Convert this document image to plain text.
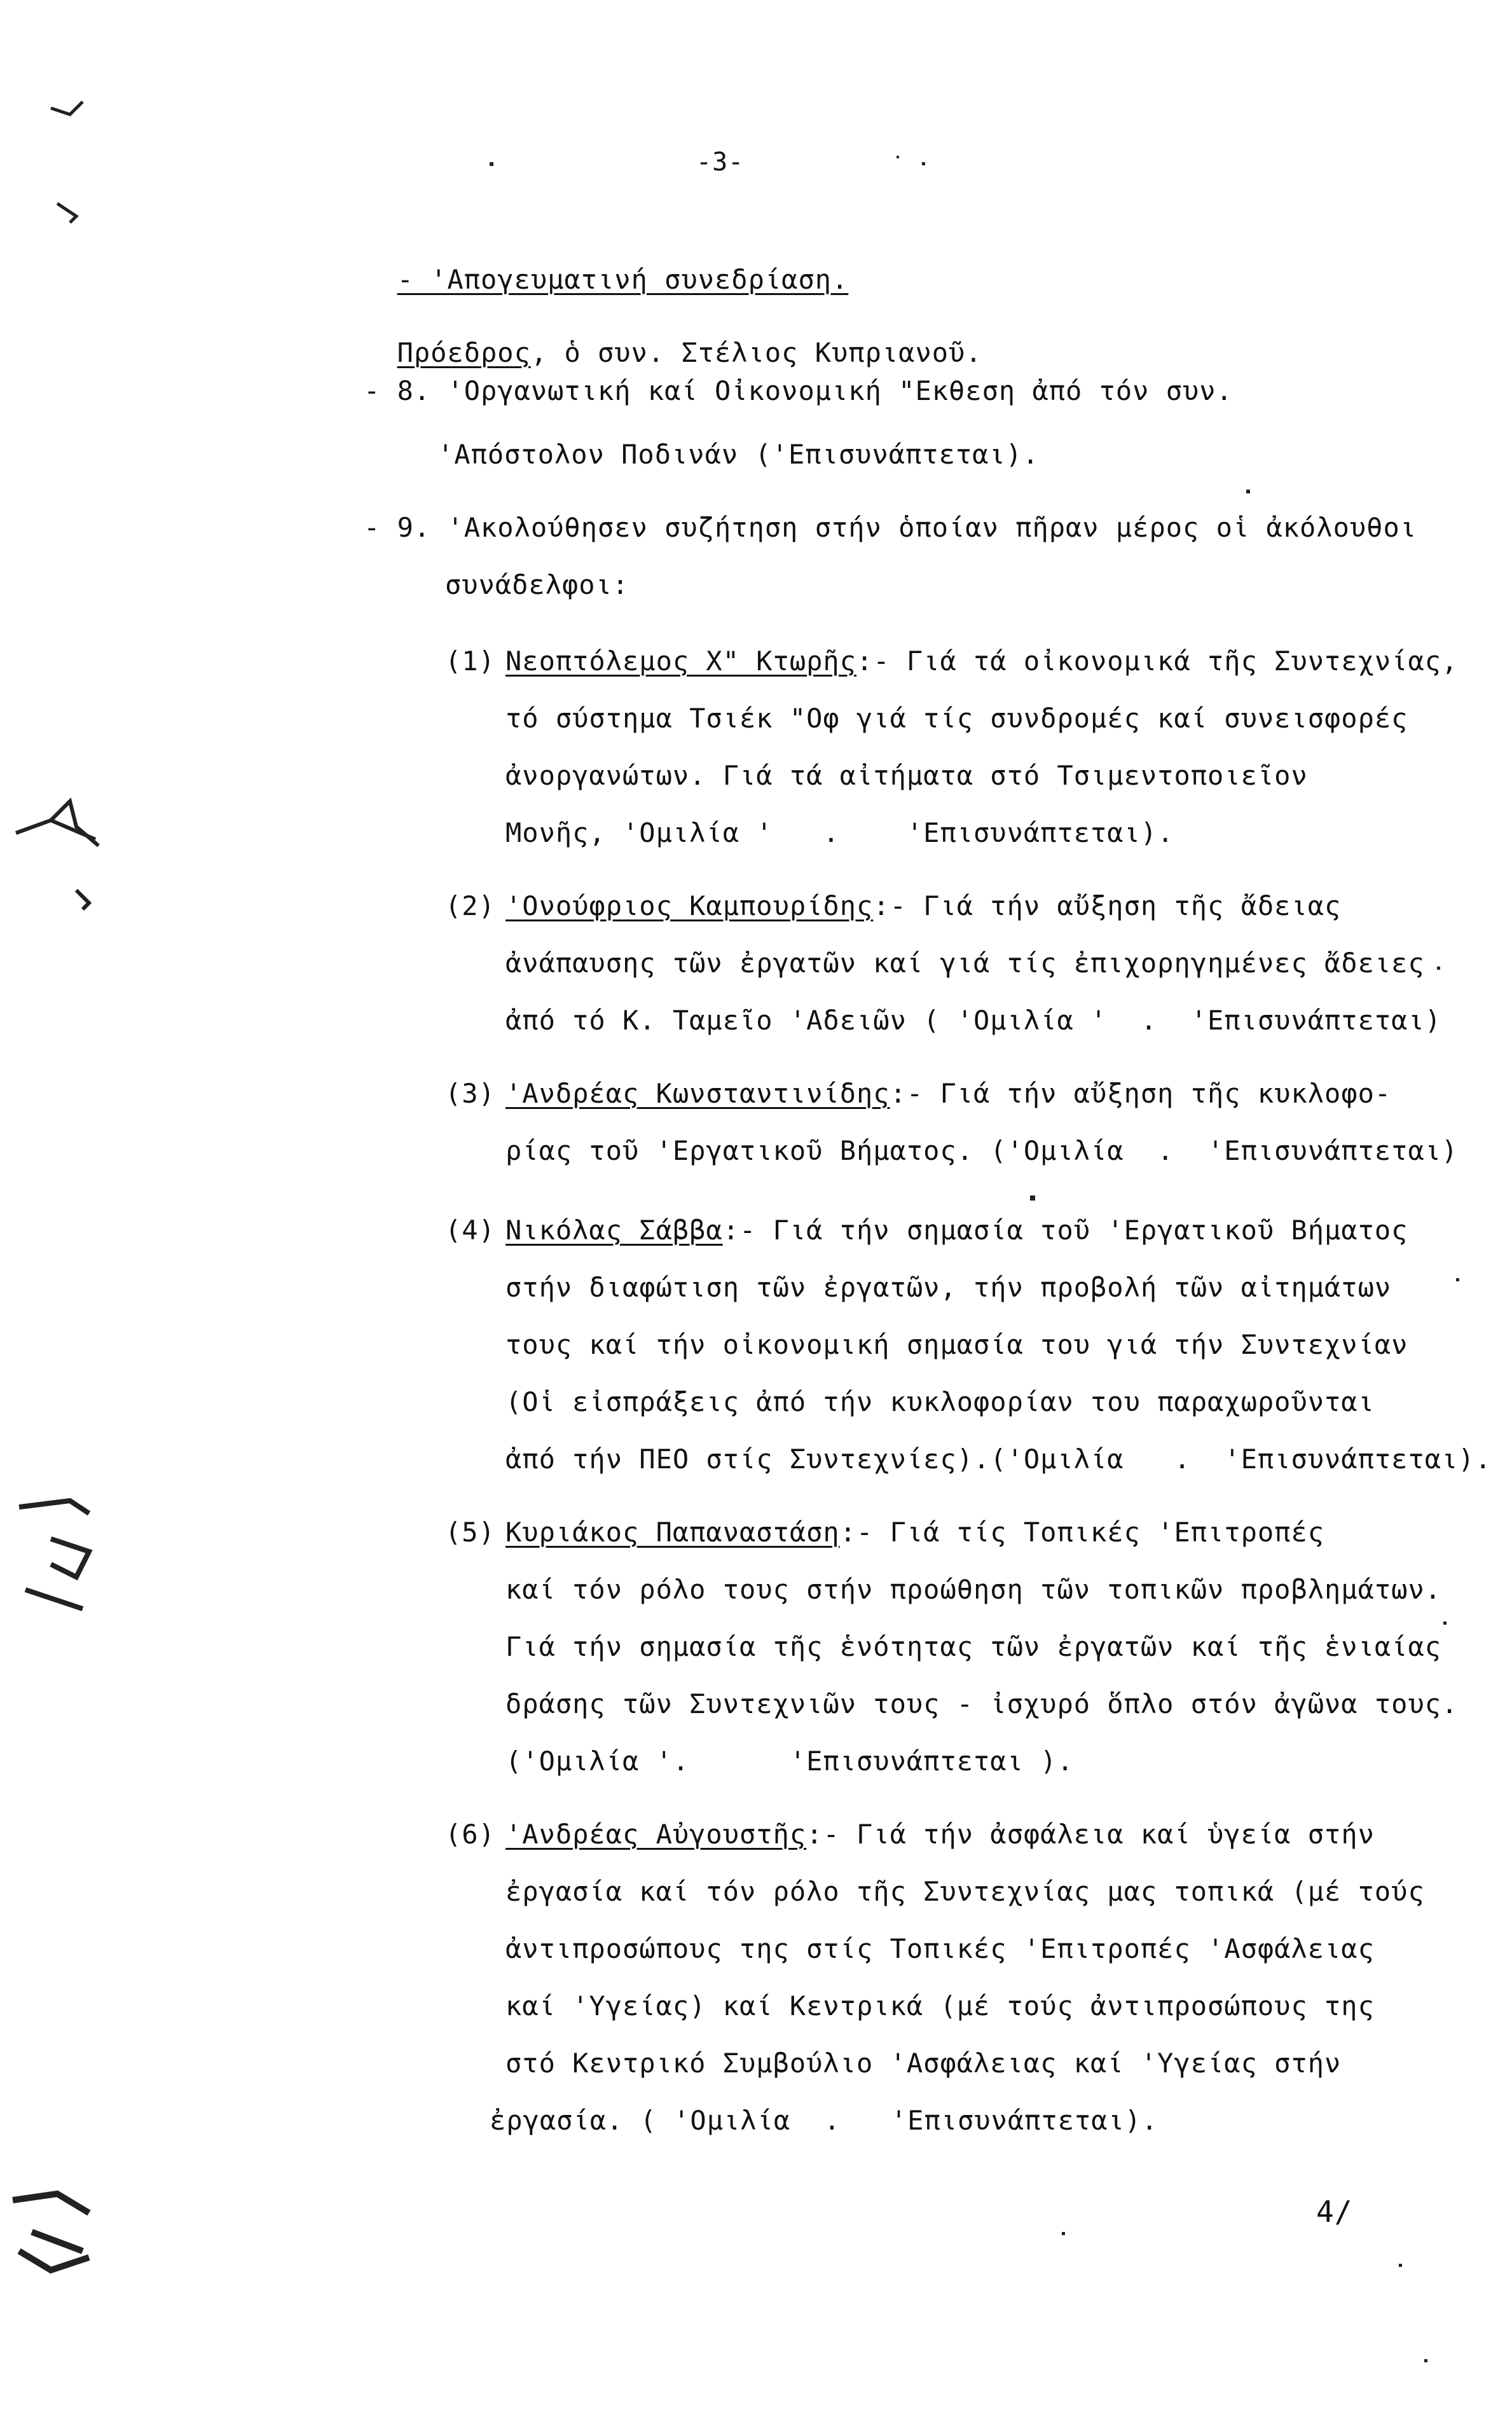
-3-

- 'Απογευματινή συνεδρίαση.

Πρόεδρος, ὁ συν. Στέλιος Κυπριανοῦ.

- 8. 'Οργανωτική καί Οἰκονομική "Εκθεση ἀπό τόν συν.
'Απόστολον Ποδινάν ('Επισυνάπτεται).
- 9. 'Ακολούθησεν συζήτηση στήν ὁποίαν πῆραν μέρος οἱ ἀκόλουθοι
συνάδελφοι:
(1) Νεοπτόλεμος Χ" Κτωρῆς:- Γιά τά οἰκονομικά τῆς Συντεχνίας,
τό σύστημα Τσιέκ "Οφ γιά τίς συνδρομές καί συνεισφορές
ἀνοργανώτων. Γιά τά αἰτήματα στό Τσιμεντοποιεῖον
Μονῆς, 'Ομιλία '   .    'Επισυνάπτεται).
(2) 'Ονούφριος Καμπουρίδης:- Γιά τήν αὔξηση τῆς ἄδειας
ἀνάπαυσης τῶν ἐργατῶν καί γιά τίς ἐπιχορηγημένες ἄδειες
ἀπό τό Κ. Ταμεῖο 'Αδειῶν ( 'Ομιλία '  .  'Επισυνάπτεται)
(3) 'Ανδρέας Κωνσταντινίδης:- Γιά τήν αὔξηση τῆς κυκλοφο-
ρίας τοῦ 'Εργατικοῦ Βήματος. ('Ομιλία  .  'Επισυνάπτεται)
(4) Νικόλας Σάββα:- Γιά τήν σημασία τοῦ 'Εργατικοῦ Βήματος
στήν διαφώτιση τῶν ἐργατῶν, τήν προβολή τῶν αἰτημάτων
τους καί τήν οἰκονομική σημασία του γιά τήν Συντεχνίαν
(Οἱ εἰσπράξεις ἀπό τήν κυκλοφορίαν του παραχωροῦνται
ἀπό τήν ΠΕΟ στίς Συντεχνίες).('Ομιλία   .  'Επισυνάπτεται).
(5) Κυριάκος Παπαναστάση:- Γιά τίς Τοπικές 'Επιτροπές
καί τόν ρόλο τους στήν προώθηση τῶν τοπικῶν προβλημάτων.
Γιά τήν σημασία τῆς ἑνότητας τῶν ἐργατῶν καί τῆς ἑνιαίας
δράσης τῶν Συντεχνιῶν τους - ἰσχυρό ὅπλο στόν ἀγῶνα τους.
('Ομιλία '.      'Επισυνάπτεται ).
(6) 'Ανδρέας Αὐγουστῆς:- Γιά τήν ἀσφάλεια καί ὑγεία στήν
ἐργασία καί τόν ρόλο τῆς Συντεχνίας μας τοπικά (μέ τούς
ἀντιπροσώπους της στίς Τοπικές 'Επιτροπές 'Ασφάλειας
καί 'Υγείας) καί Κεντρικά (μέ τούς ἀντιπροσώπους της
στό Κεντρικό Συμβούλιο 'Ασφάλειας καί 'Υγείας στήν
ἐργασία. ( 'Ομιλία  .   'Επισυνάπτεται).
4/
